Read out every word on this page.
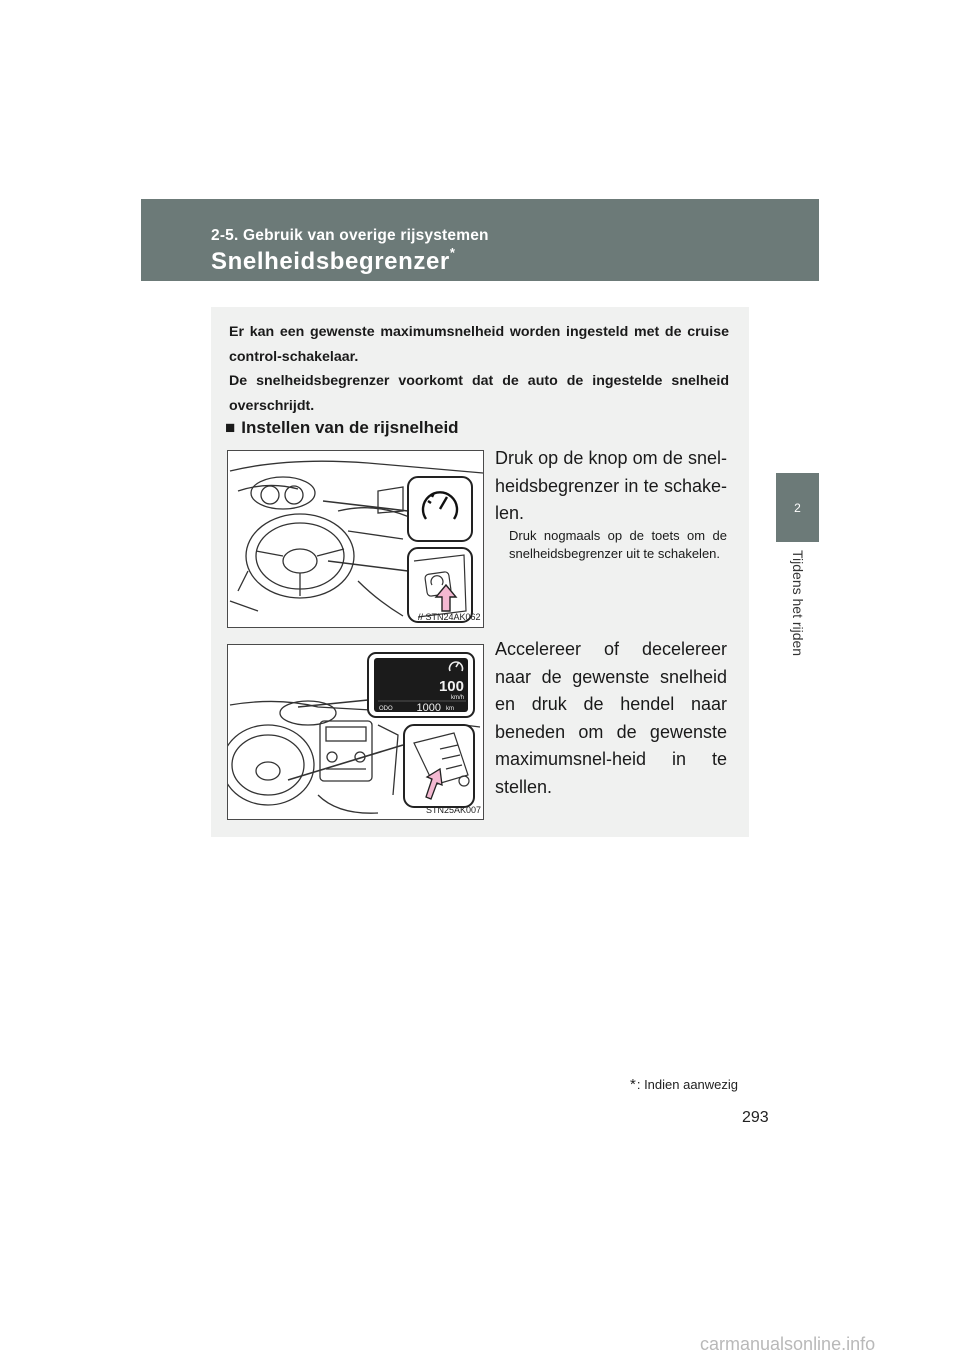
2-5. Gebruik van overige rijsystemen
Snelheidsbegrenzer*
2
Tijdens het rijden

Er kan een gewenste maximumsnelheid worden ingesteld met de cruise control-schakelaar.

De snelheidsbegrenzer voorkomt dat de auto de ingestelde snelheid overschrijdt.

■ Instellen van de rijsnelheid
// STN24AK062

Druk op de knop om de snel-heidsbegrenzer in te schake-len.

Druk nogmaals op de toets om de snelheidsbegrenzer uit te schakelen.

100
km/h
ODO 1000 km
STN25AK007

Accelereer of decelereer naar de gewenste snelheid en druk de hendel naar beneden om de gewenste maximumsnel-heid in te stellen.

*: Indien aanwezig
293
carmanualsonline.info
